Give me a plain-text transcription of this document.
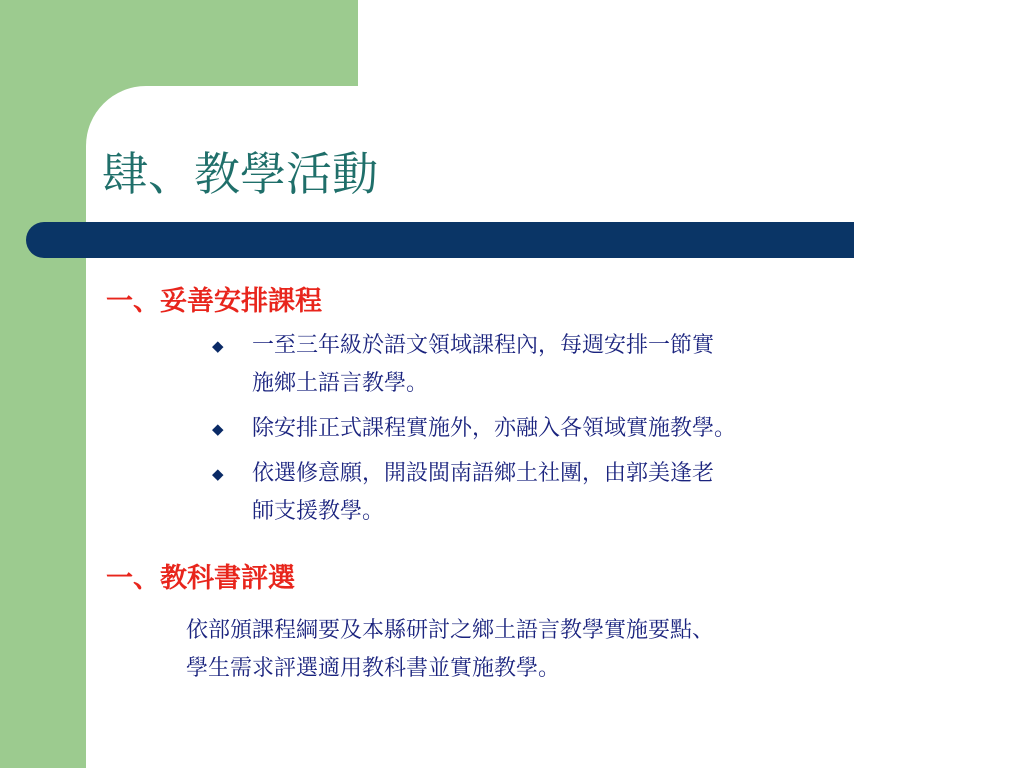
肆、教學活動
一、妥善安排課程
◆	一至三年級於語文領域課程內，每週安排一節實
施鄉土語言教學。
◆	除安排正式課程實施外，亦融入各領域實施教學。
◆	依選修意願，開設閩南語鄉土社團，由郭美逢老
師支援教學。
一、教科書評選

依部頒課程綱要及本縣研討之鄉土語言教學實施要點、
學生需求評選適用教科書並實施教學。
